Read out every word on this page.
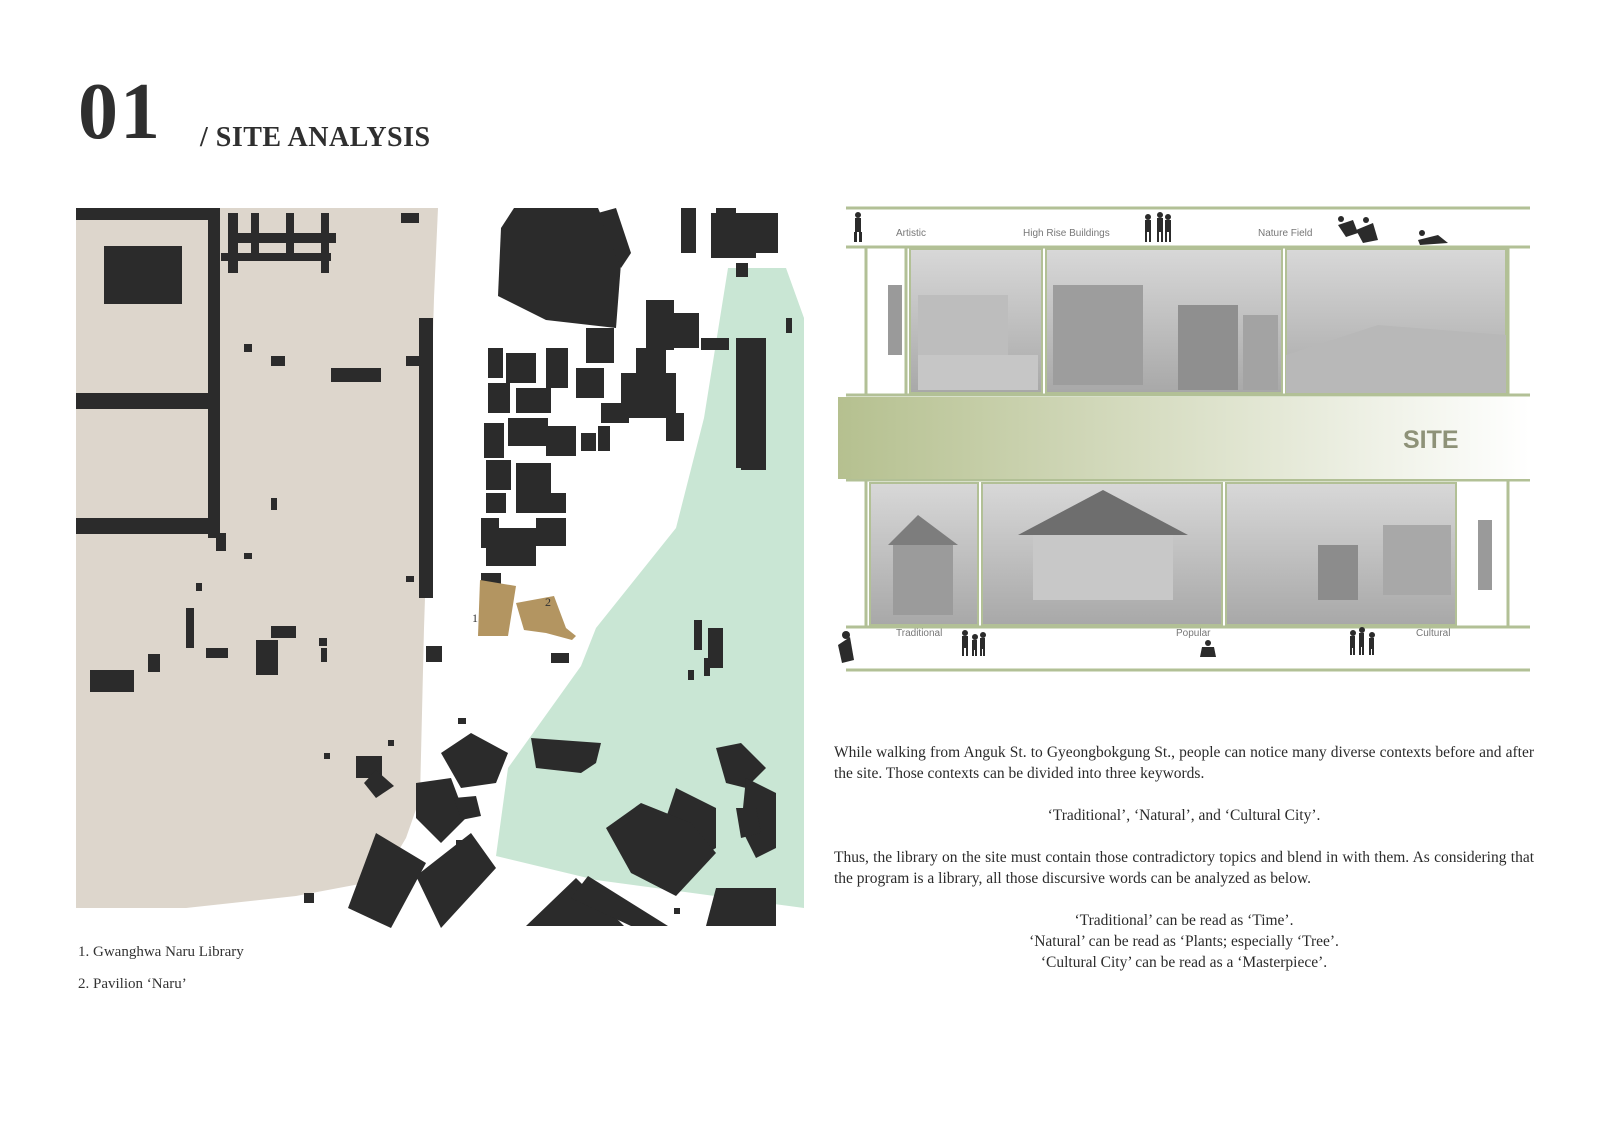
01 / SITE ANALYSIS
1
2
1. Gwanghwa Naru Library
2. Pavilion ‘Naru’
SITE
Artistic	High Rise Buildings	Nature Field
Traditional	Popular	Cultural

While walking from Anguk St. to Gyeongbokgung St., people can notice many diverse contexts before and after the site. Those contexts can be divided into three keywords.

‘Traditional’, ‘Natural’, and ‘Cultural City’.

Thus, the library on the site must contain those contradictory topics and blend in with them. As considering that the program is a library, all those discursive words can be analyzed as below.

‘Traditional’ can be read as ‘Time’.

‘Natural’ can be read as ‘Plants; especially ‘Tree’.

‘Cultural City’ can be read as a ‘Masterpiece’.
